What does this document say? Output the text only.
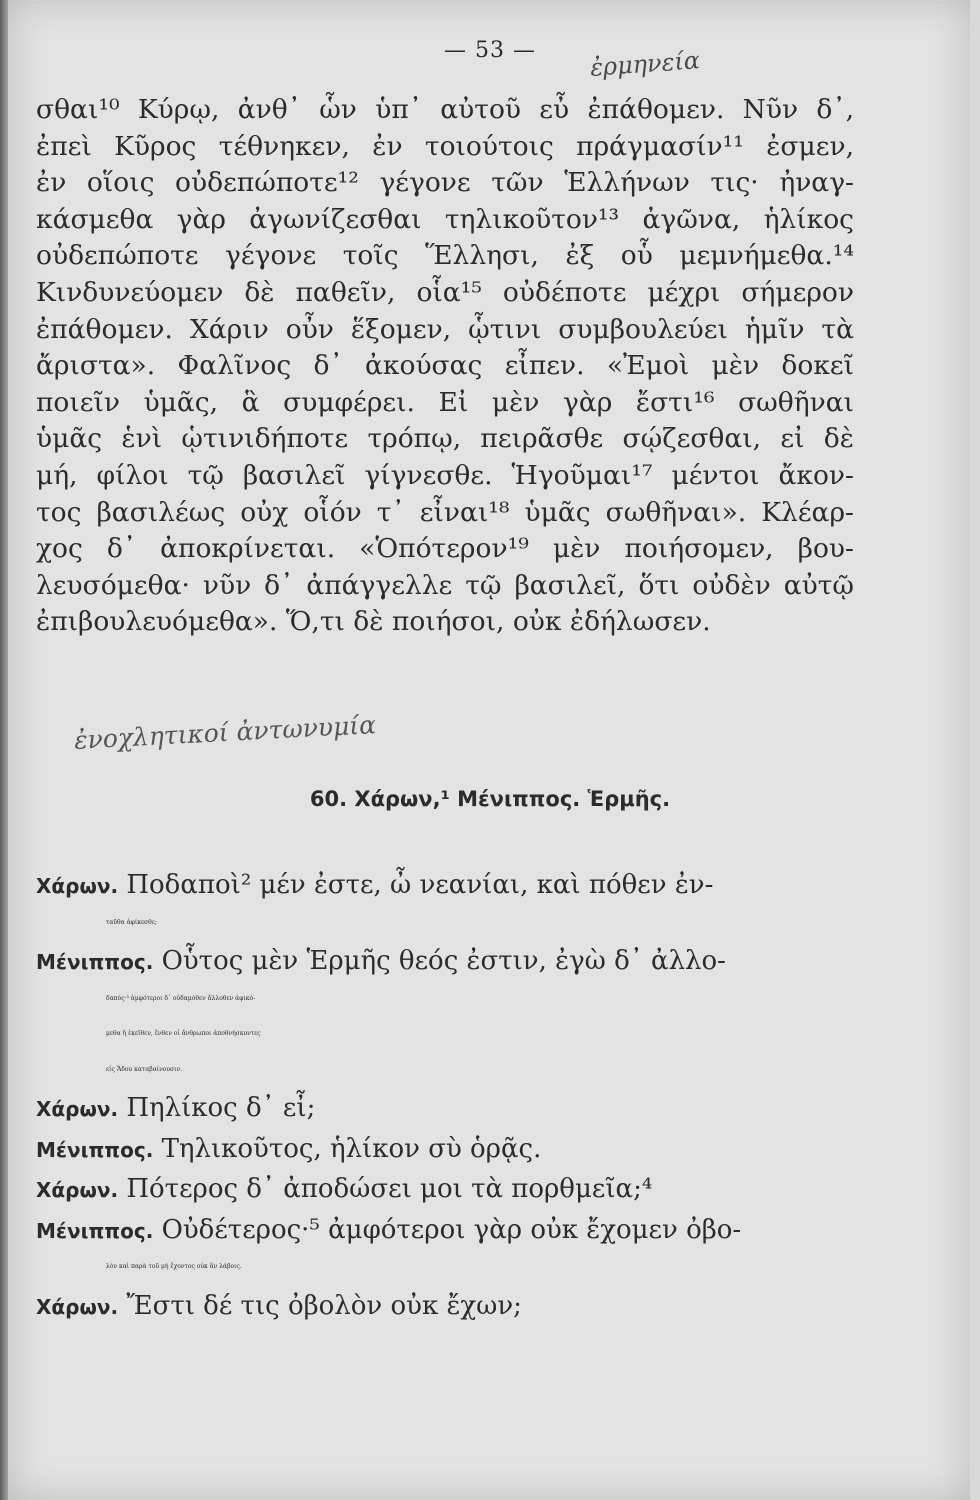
— 53 —	ἐρμηνεία
σθαι¹⁰ Κύρῳ, ἀνθ᾽ ὧν ὑπ᾽ αὐτοῦ εὖ ἐπάθομεν. Νῦν δ᾽,
ἐπεὶ Κῦρος τέθνηκεν, ἐν τοιούτοις πράγμασίν¹¹ ἐσμεν,
ἐν οἵοις οὐδεπώποτε¹² γέγονε τῶν Ἑλλήνων τις· ἠναγ-
κάσμεθα γὰρ ἀγωνίζεσθαι τηλικοῦτον¹³ ἀγῶνα, ἡλίκος
οὐδεπώποτε γέγονε τοῖς Ἕλλησι, ἐξ οὗ μεμνήμεθα.¹⁴
Κινδυνεύομεν δὲ παθεῖν, οἷα¹⁵ οὐδέποτε μέχρι σήμερον
ἐπάθομεν. Χάριν οὖν ἕξομεν, ᾧτινι συμβουλεύει ἡμῖν τὰ
ἄριστα». Φαλῖνος δ᾽ ἀκούσας εἶπεν. «Ἐμοὶ μὲν δοκεῖ
ποιεῖν ὑμᾶς, ἃ συμφέρει. Εἰ μὲν γὰρ ἔστι¹⁶ σωθῆναι
ὑμᾶς ἑνὶ ᾡτινιδήποτε τρόπῳ, πειρᾶσθε σῴζεσθαι, εἰ δὲ
μή, φίλοι τῷ βασιλεῖ γίγνεσθε. Ἡγοῦμαι¹⁷ μέντοι ἄκον-
τος βασιλέως οὐχ οἷόν τ᾽ εἶναι¹⁸ ὑμᾶς σωθῆναι». Κλέαρ-
χος δ᾽ ἀποκρίνεται. «Ὁπότερον¹⁹ μὲν ποιήσομεν, βου-
λευσόμεθα· νῦν δ᾽ ἀπάγγελλε τῷ βασιλεῖ, ὅτι οὐδὲν αὐτῷ
ἐπιβουλευόμεθα». Ὅ,τι δὲ ποιήσοι, οὐκ ἐδήλωσεν.
ἐνοχλητικοί ἀντωνυμία
60. Χάρων,¹ Μένιππος. Ἑρμῆς.
Χάρων. Ποδαποὶ² μέν ἐστε, ὦ νεανίαι, καὶ πόθεν ἐν-
ταῦθα ἀφίκεσθε;
Μένιππος. Οὗτος μὲν Ἑρμῆς θεός ἐστιν, ἐγὼ δ᾽ ἀλλο-
δαπός·³ ἀμφότεροι δ᾽ οὐδαμόθεν ἄλλοθεν ἀφικό-
μεθα ἢ ἐκεῖθεν, ἔνθεν οἱ ἄνθρωποι ἀποθνήσκοντες
εἰς Ἅδου καταβαίνουσιν.
Χάρων. Πηλίκος δ᾽ εἶ;
Μένιππος. Τηλικοῦτος, ἡλίκον σὺ ὁρᾷς.
Χάρων. Πότερος δ᾽ ἀποδώσει μοι τὰ πορθμεῖα;⁴
Μένιππος. Οὐδέτερος·⁵ ἀμφότεροι γὰρ οὐκ ἔχομεν ὀβο-
λὸν καὶ παρὰ τοῦ μὴ ἔχοντος οὐκ ἂν λάβοις.
Χάρων. Ἔστι δέ τις ὀβολὸν οὐκ ἔχων;
